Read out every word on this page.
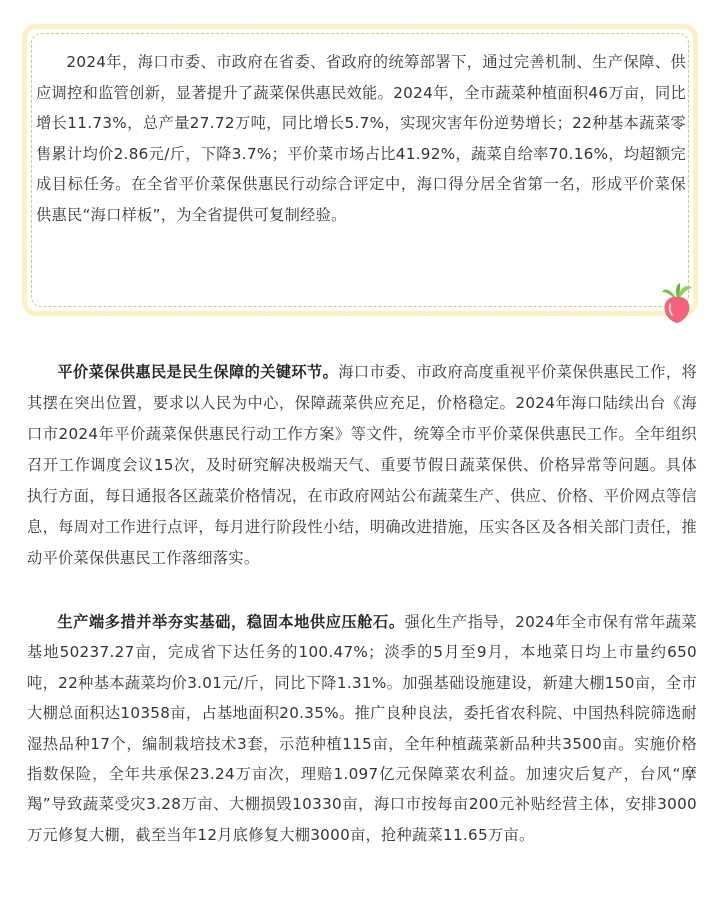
2024年，海口市委、市政府在省委、省政府的统筹部署下，通过完善机制、生产保障、供应调控和监管创新，显著提升了蔬菜保供惠民效能。2024年，全市蔬菜种植面积46万亩，同比增长11.73%，总产量27.72万吨，同比增长5.7%，实现灾害年份逆势增长；22种基本蔬菜零售累计均价2.86元/斤，下降3.7%；平价菜市场占比41.92%，蔬菜自给率70.16%，均超额完成目标任务。在全省平价菜保供惠民行动综合评定中，海口得分居全省第一名，形成平价菜保供惠民“海口样板”，为全省提供可复制经验。

平价菜保供惠民是民生保障的关键环节。海口市委、市政府高度重视平价菜保供惠民工作，将其摆在突出位置，要求以人民为中心，保障蔬菜供应充足，价格稳定。2024年海口陆续出台《海口市2024年平价蔬菜保供惠民行动工作方案》等文件，统筹全市平价菜保供惠民工作。全年组织召开工作调度会议15次，及时研究解决极端天气、重要节假日蔬菜保供、价格异常等问题。具体执行方面，每日通报各区蔬菜价格情况，在市政府网站公布蔬菜生产、供应、价格、平价网点等信息，每周对工作进行点评，每月进行阶段性小结，明确改进措施，压实各区及各相关部门责任，推动平价菜保供惠民工作落细落实。

生产端多措并举夯实基础，稳固本地供应压舱石。强化生产指导，2024年全市保有常年蔬菜基地50237.27亩，完成省下达任务的100.47%；淡季的5月至9月，本地菜日均上市量约650吨，22种基本蔬菜均价3.01元/斤，同比下降1.31%。加强基础设施建设，新建大棚150亩，全市大棚总面积达10358亩，占基地面积20.35%。推广良种良法，委托省农科院、中国热科院筛选耐湿热品种17个，编制栽培技术3套，示范种植115亩，全年种植蔬菜新品种共3500亩。实施价格指数保险，全年共承保23.24万亩次，理赔1.097亿元保障菜农利益。加速灾后复产，台风“摩羯”导致蔬菜受灾3.28万亩、大棚损毁10330亩，海口市按每亩200元补贴经营主体，安排3000万元修复大棚，截至当年12月底修复大棚3000亩，抢种蔬菜11.65万亩。
